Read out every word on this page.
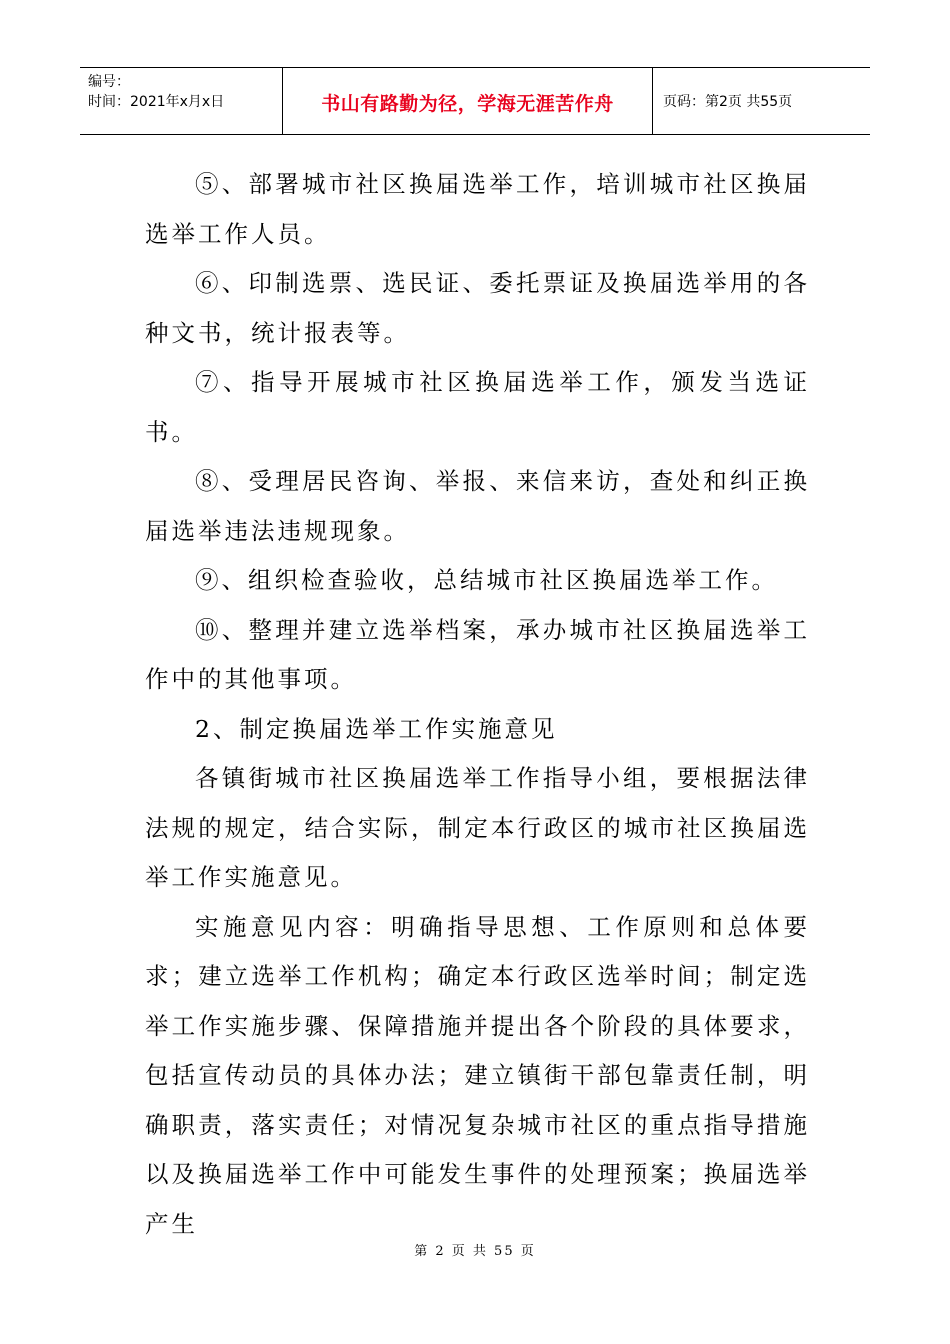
编号：
时间：2021年x月x日	书山有路勤为径，学海无涯苦作舟	页码：第2页 共55页

⑤、部署城市社区换届选举工作，培训城市社区换届选举工作人员。

⑥、印制选票、选民证、委托票证及换届选举用的各种文书，统计报表等。

⑦、指导开展城市社区换届选举工作，颁发当选证书。

⑧、受理居民咨询、举报、来信来访，查处和纠正换届选举违法违规现象。

⑨、组织检查验收，总结城市社区换届选举工作。

⑩、整理并建立选举档案，承办城市社区换届选举工作中的其他事项。

2、制定换届选举工作实施意见

各镇街城市社区换届选举工作指导小组，要根据法律法规的规定，结合实际，制定本行政区的城市社区换届选举工作实施意见。

实施意见内容：明确指导思想、工作原则和总体要求；建立选举工作机构；确定本行政区选举时间；制定选举工作实施步骤、保障措施并提出各个阶段的具体要求，包括宣传动员的具体办法；建立镇街干部包靠责任制，明确职责，落实责任；对情况复杂城市社区的重点指导措施以及换届选举工作中可能发生事件的处理预案；换届选举产生

第 2 页 共 55 页
